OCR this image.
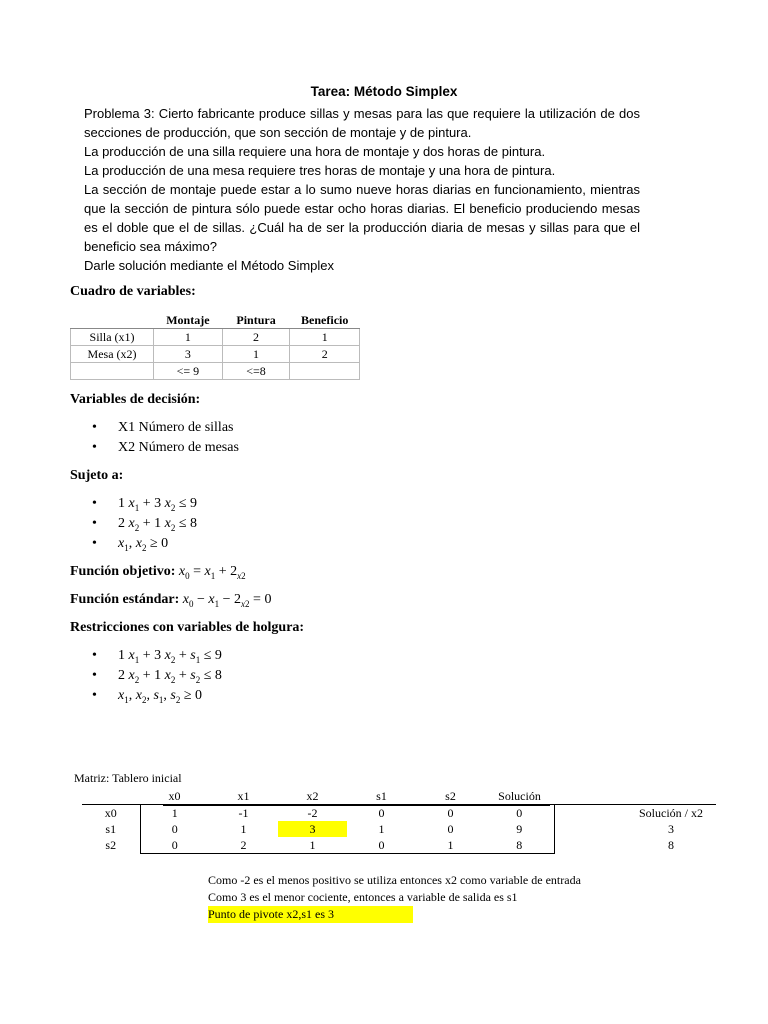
Tarea: Método Simplex

Problema 3: Cierto fabricante produce sillas y mesas para las que requiere la utilización de dos secciones de producción, que son sección de montaje y de pintura.

La producción de una silla requiere una hora de montaje y dos horas de pintura.

La producción de una mesa requiere tres horas de montaje y una hora de pintura.

La sección de montaje puede estar a lo sumo nueve horas diarias en funcionamiento, mientras que la sección de pintura sólo puede estar ocho horas diarias. El beneficio produciendo mesas es el doble que el de sillas. ¿Cuál ha de ser la producción diaria de mesas y sillas para que el beneficio sea máximo?

Darle solución mediante el Método Simplex

Cuadro de variables:
	Montaje	Pintura	Beneficio
Silla (x1)	1	2	1
Mesa (x2)	3	1	2
	<= 9	<=8	
Variables de decisión:
• X1 Número de sillas
• X2 Número de mesas
Sujeto a:
• 1 $x_1 + 3$ $x_2 \le 9$
• 2 $x_2 + 1$ $x_2 \le 8$
• $x_1$, $x_2 \ge 0$
Función objetivo: $x_0 = x_1 + 2_{x2}$
Función estándar: $x_0 - x_1 - 2_{x2} = 0$
Restricciones con variables de holgura:
• 1 $x_1 + 3$ $x_2 + s_1 \le 9$
• 2 $x_2 + 1$ $x_2 + s_2 \le 8$
• $x_1$, $x_2$, $s_1$, $s_2 \ge 0$
Matriz: Tablero inicial
	x0	x1	x2	s1	s2	Solución		
x0	1	-1	-2	0	0	0		Solución / x2
s1	0	1	3	1	0	9		3
s2	0	2	1	0	1	8		8
Como -2 es el menos positivo se utiliza entonces x2 como variable de entrada
Como 3 es el menor cociente, entonces a variable de salida es s1
Punto de pivote x2,s1 es 3
